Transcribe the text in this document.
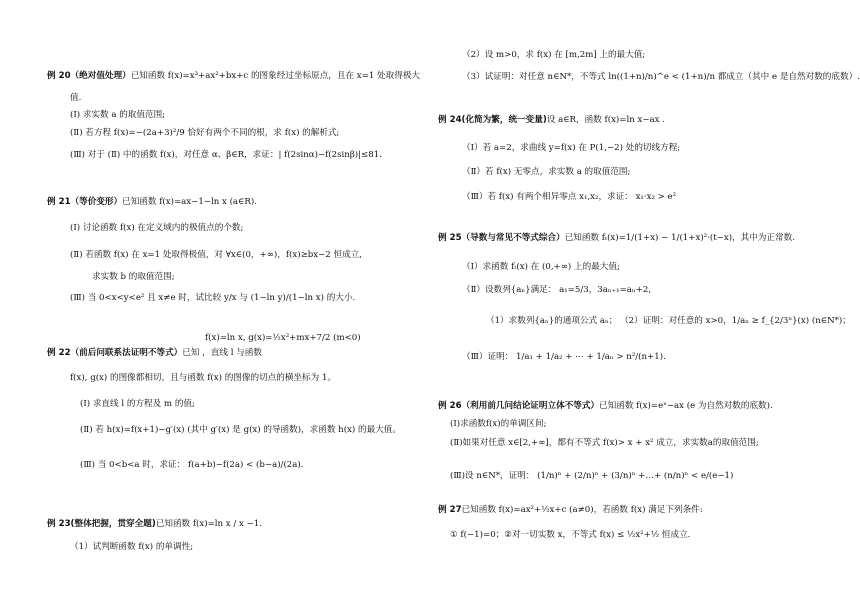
例 20（绝对值处理）已知函数 f(x)=x³+ax²+bx+c 的图象经过坐标原点，且在 x=1 处取得极大
值.
(Ⅰ) 求实数 a 的取值范围;
(Ⅱ) 若方程 f(x)=−(2a+3)²/9 恰好有两个不同的根，求 f(x) 的解析式;
(Ⅲ) 对于 (Ⅱ) 中的函数 f(x)，对任意 α、β∈R，求证：| f(2sinα)−f(2sinβ)|≤81.
例 21（等价变形）已知函数 f(x)=ax−1−ln x (a∈R).
(Ⅰ) 讨论函数 f(x) 在定义域内的极值点的个数;
(Ⅱ) 若函数 f(x) 在 x=1 处取得极值，对 ∀x∈(0，+∞)，f(x)≥bx−2 恒成立,
求实数 b 的取值范围;
(Ⅲ) 当 0<x<y<e² 且 x≠e 时，试比较 y/x 与 (1−ln y)/(1−ln x) 的大小.
f(x)=ln x, g(x)=½x²+mx+7/2 (m<0)
例 22（前后问联系法证明不等式）已知 ，直线 l 与函数
f(x), g(x) 的图像都相切，且与函数 f(x) 的图像的切点的横坐标为 1。
(Ⅰ) 求直线 l 的方程及 m 的值;
(Ⅱ) 若 h(x)=f(x+1)−g′(x) (其中 g′(x) 是 g(x) 的导函数)，求函数 h(x) 的最大值。
(Ⅲ) 当 0<b<a 时，求证： f(a+b)−f(2a) < (b−a)/(2a).
例 23(整体把握，贯穿全题)已知函数 f(x)=ln x / x −1.
（1）试判断函数 f(x) 的单调性;
（2）设 m>0，求 f(x) 在 [m,2m] 上的最大值;
（3）试证明：对任意 n∈N*，不等式 ln((1+n)/n)^e < (1+n)/n 都成立（其中 e 是自然对数的底数）.
例 24(化简为繁，统一变量)设 a∈R，函数 f(x)=ln x−ax .
（Ⅰ）若 a=2，求曲线 y=f(x) 在 P(1,−2) 处的切线方程;
（Ⅱ）若 f(x) 无零点，求实数 a 的取值范围;
（Ⅲ）若 f(x) 有两个相异零点 x₁,x₂，求证： x₁·x₂ > e²
例 25（导数与常见不等式综合）已知函数 fₜ(x)=1/(1+x) − 1/(1+x)²·(t−x)，其中为正常数.
（Ⅰ）求函数 fₜ(x) 在 (0,+∞) 上的最大值;
（Ⅱ）设数列{aₙ}满足： a₁=5/3，3aₙ₊₁=aₙ+2，
（1）求数列{aₙ}的通项公式 aₙ； （2）证明：对任意的 x>0，1/aₙ ≥ f_{2/3ⁿ}(x) (n∈N*)；
（Ⅲ）证明： 1/a₁ + 1/a₂ + ⋯ + 1/aₙ > n²/(n+1).
例 26（利用前几问结论证明立体不等式）已知函数 f(x)=eˣ−ax (e 为自然对数的底数).
(Ⅰ)求函数f(x)的单调区间;
(Ⅱ)如果对任意 x∈[2,+∞]，都有不等式 f(x)> x + x² 成立，求实数a的取值范围;
(Ⅲ)设 n∈N*，证明： (1/n)ⁿ + (2/n)ⁿ + (3/n)ⁿ +…+ (n/n)ⁿ < e/(e−1)
例 27已知函数 f(x)=ax²+½x+c (a≠0)，若函数 f(x) 满足下列条件:
① f(−1)=0；②对一切实数 x，不等式 f(x) ≤ ½x²+½ 恒成立.
